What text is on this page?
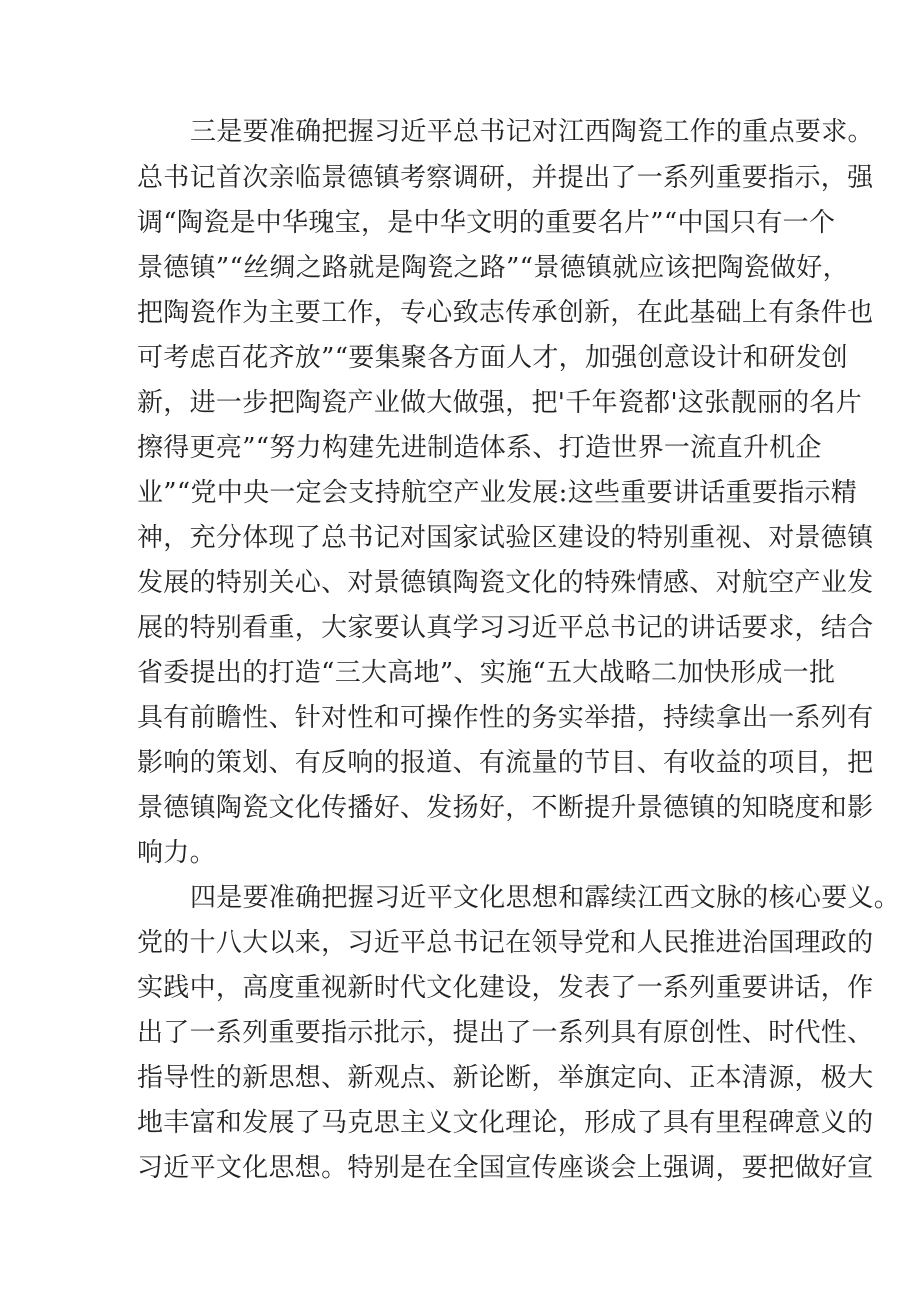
三是要准确把握习近平总书记对江西陶瓷工作的重点要求。
总书记首次亲临景德镇考察调研，并提出了一系列重要指示，强
调“陶瓷是中华瑰宝，是中华文明的重要名片”“中国只有一个
景德镇”“丝绸之路就是陶瓷之路”“景德镇就应该把陶瓷做好，
把陶瓷作为主要工作，专心致志传承创新，在此基础上有条件也
可考虑百花齐放”“要集聚各方面人才，加强创意设计和研发创
新，进一步把陶瓷产业做大做强，把'千年瓷都'这张靓丽的名片
擦得更亮”“努力构建先进制造体系、打造世界一流直升机企
业”“党中央一定会支持航空产业发展:这些重要讲话重要指示精
神，充分体现了总书记对国家试验区建设的特别重视、对景德镇
发展的特别关心、对景德镇陶瓷文化的特殊情感、对航空产业发
展的特别看重，大家要认真学习习近平总书记的讲话要求，结合
省委提出的打造“三大高地”、实施“五大战略二加快形成一批
具有前瞻性、针对性和可操作性的务实举措，持续拿出一系列有
影响的策划、有反响的报道、有流量的节目、有收益的项目，把
景德镇陶瓷文化传播好、发扬好，不断提升景德镇的知晓度和影
响力。
四是要准确把握习近平文化思想和霹续江西文脉的核心要义。
党的十八大以来，习近平总书记在领导党和人民推进治国理政的
实践中，高度重视新时代文化建设，发表了一系列重要讲话，作
出了一系列重要指示批示，提出了一系列具有原创性、时代性、
指导性的新思想、新观点、新论断，举旗定向、正本清源，极大
地丰富和发展了马克思主义文化理论，形成了具有里程碑意义的
习近平文化思想。特别是在全国宣传座谈会上强调，要把做好宣
